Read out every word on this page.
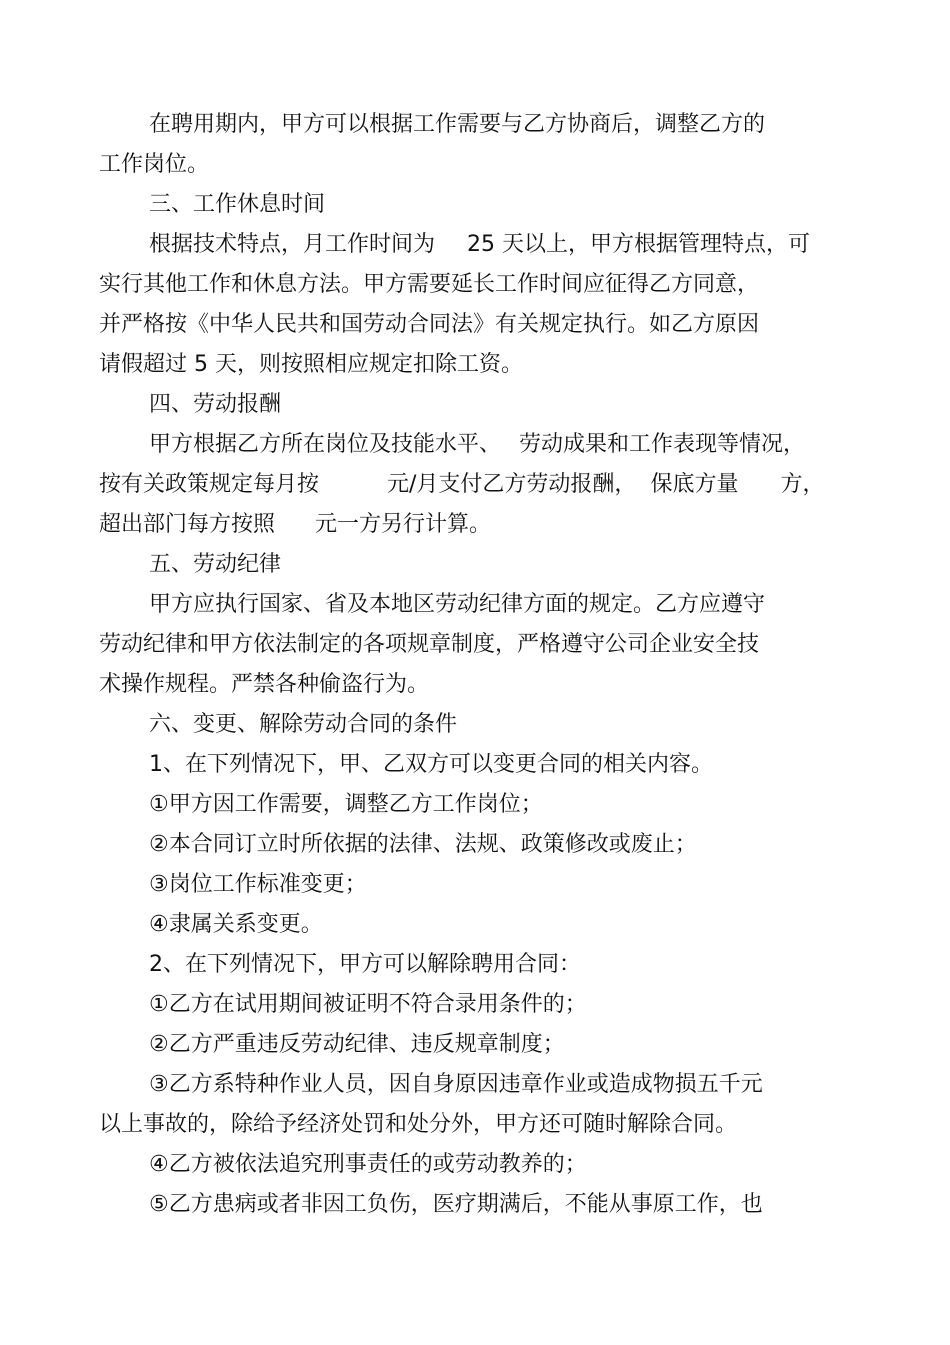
在聘用期内，甲方可以根据工作需要与乙方协商后，调整乙方的
工作岗位。
三、工作休息时间
根据技术特点，月工作时间为 25 天以上，甲方根据管理特点，可
实行其他工作和休息方法。甲方需要延长工作时间应征得乙方同意，
并严格按《中华人民共和国劳动合同法》有关规定执行。如乙方原因
请假超过 5 天，则按照相应规定扣除工资。
四、劳动报酬
甲方根据乙方所在岗位及技能水平、 劳动成果和工作表现等情况，
按有关政策规定每月按	元/月支付乙方劳动报酬， 保底方量 方，
超出部门每方按照 元一方另行计算。
五、劳动纪律
甲方应执行国家、省及本地区劳动纪律方面的规定。乙方应遵守
劳动纪律和甲方依法制定的各项规章制度，严格遵守公司企业安全技
术操作规程。严禁各种偷盗行为。
六、变更、解除劳动合同的条件
1、在下列情况下，甲、乙双方可以变更合同的相关内容。
①甲方因工作需要，调整乙方工作岗位；
②本合同订立时所依据的法律、法规、政策修改或废止；
③岗位工作标准变更；
④隶属关系变更。
2、在下列情况下，甲方可以解除聘用合同：
①乙方在试用期间被证明不符合录用条件的；
②乙方严重违反劳动纪律、违反规章制度；
③乙方系特种作业人员，因自身原因违章作业或造成物损五千元
以上事故的，除给予经济处罚和处分外，甲方还可随时解除合同。
④乙方被依法追究刑事责任的或劳动教养的；
⑤乙方患病或者非因工负伤，医疗期满后，不能从事原工作，也
